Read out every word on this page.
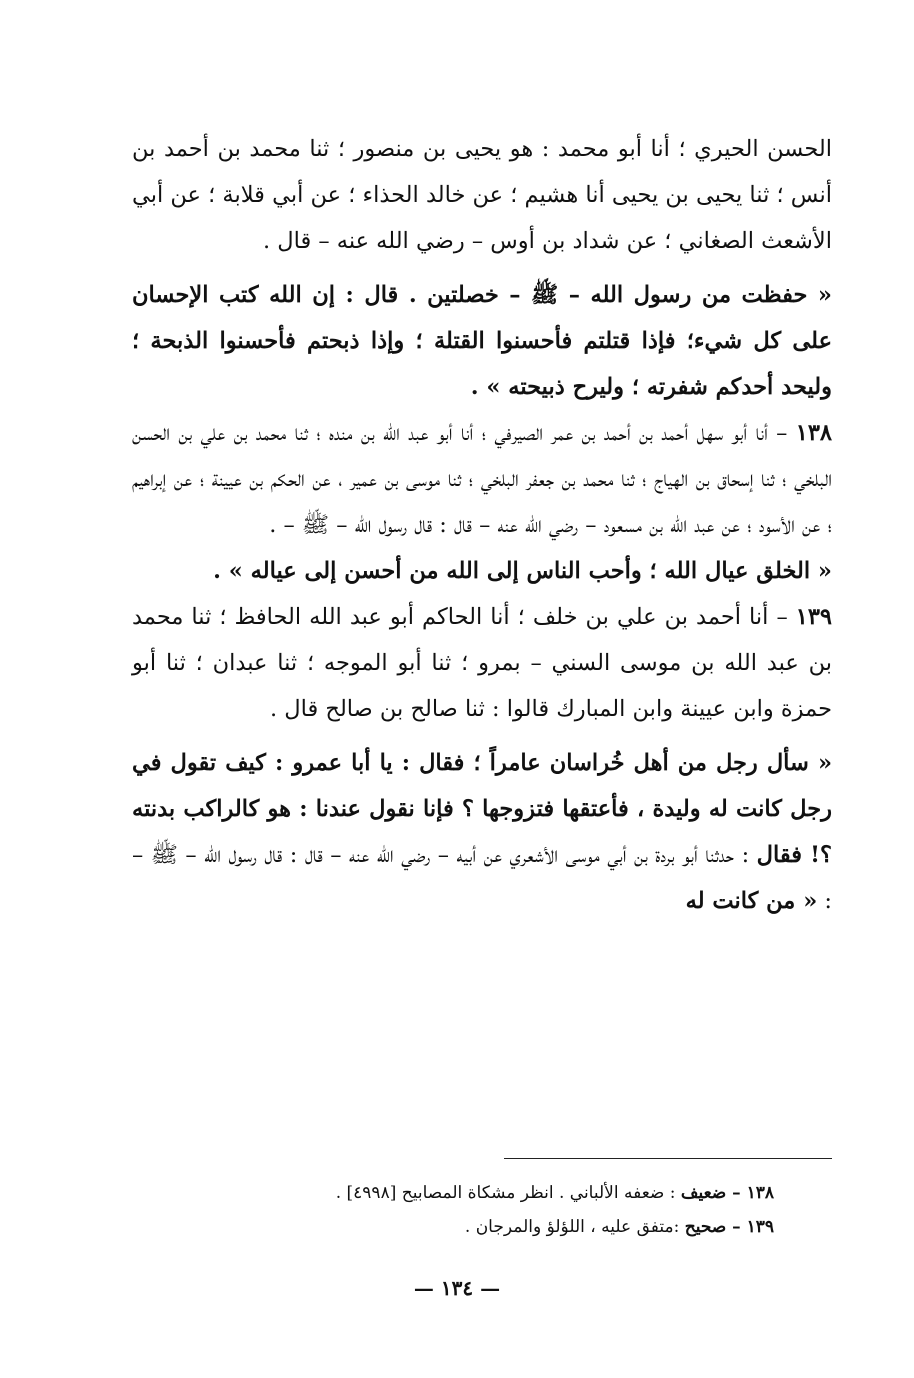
الحسن الحيري ؛ أنا أبو محمد : هو يحيى بن منصور ؛ ثنا محمد بن أحمد بن أنس ؛ ثنا يحيى بن يحيى أنا هشيم ؛ عن خالد الحذاء ؛ عن أبي قلابة ؛ عن أبي الأشعث الصغاني ؛ عن شداد بن أوس – رضي الله عنه – قال .

« حفظت من رسول الله – ﷺ – خصلتين . قال : إن الله كتب الإحسان على كل شيء؛ فإذا قتلتم فأحسنوا القتلة ؛ وإذا ذبحتم فأحسنوا الذبحة ؛ وليحد أحدكم شفرته ؛ وليرح ذبيحته » .

١٣٨ – أنا أبو سهل أحمد بن أحمد بن عمر الصيرفي ؛ أنا أبو عبد الله بن منده ؛ ثنا محمد بن علي بن الحسن البلخي ؛ ثنا إسحاق بن الهياج ؛ ثنا محمد بن جعفر البلخي ؛ ثنا موسى بن عمير ، عن الحكم بن عيينة ؛ عن إبراهيم ؛ عن الأسود ؛ عن عبد الله بن مسعود – رضي الله عنه – قال : قال رسول الله – ﷺ – .

« الخلق عيال الله ؛ وأحب الناس إلى الله من أحسن إلى عياله » .

١٣٩ – أنا أحمد بن علي بن خلف ؛ أنا الحاكم أبو عبد الله الحافظ ؛ ثنا محمد بن عبد الله بن موسى السني – بمرو ؛ ثنا أبو الموجه ؛ ثنا عبدان ؛ ثنا أبو حمزة وابن عيينة وابن المبارك قالوا : ثنا صالح بن صالح قال .

« سأل رجل من أهل خُراسان عامراً ؛ فقال : يا أبا عمرو : كيف تقول في رجل كانت له وليدة ، فأعتقها فتزوجها ؟ فإنا نقول عندنا : هو كالراكب بدنته ؟! فقال : حدثنا أبو بردة بن أبي موسى الأشعري عن أبيه – رضي الله عنه – قال : قال رسول الله – ﷺ – : « من كانت له

١٣٨ – ضعيف : ضعفه الألباني . انظر مشكاة المصابيح [٤٩٩٨] .
١٣٩ – صحيح :متفق عليه ، اللؤلؤ والمرجان .
— ١٣٤ —
